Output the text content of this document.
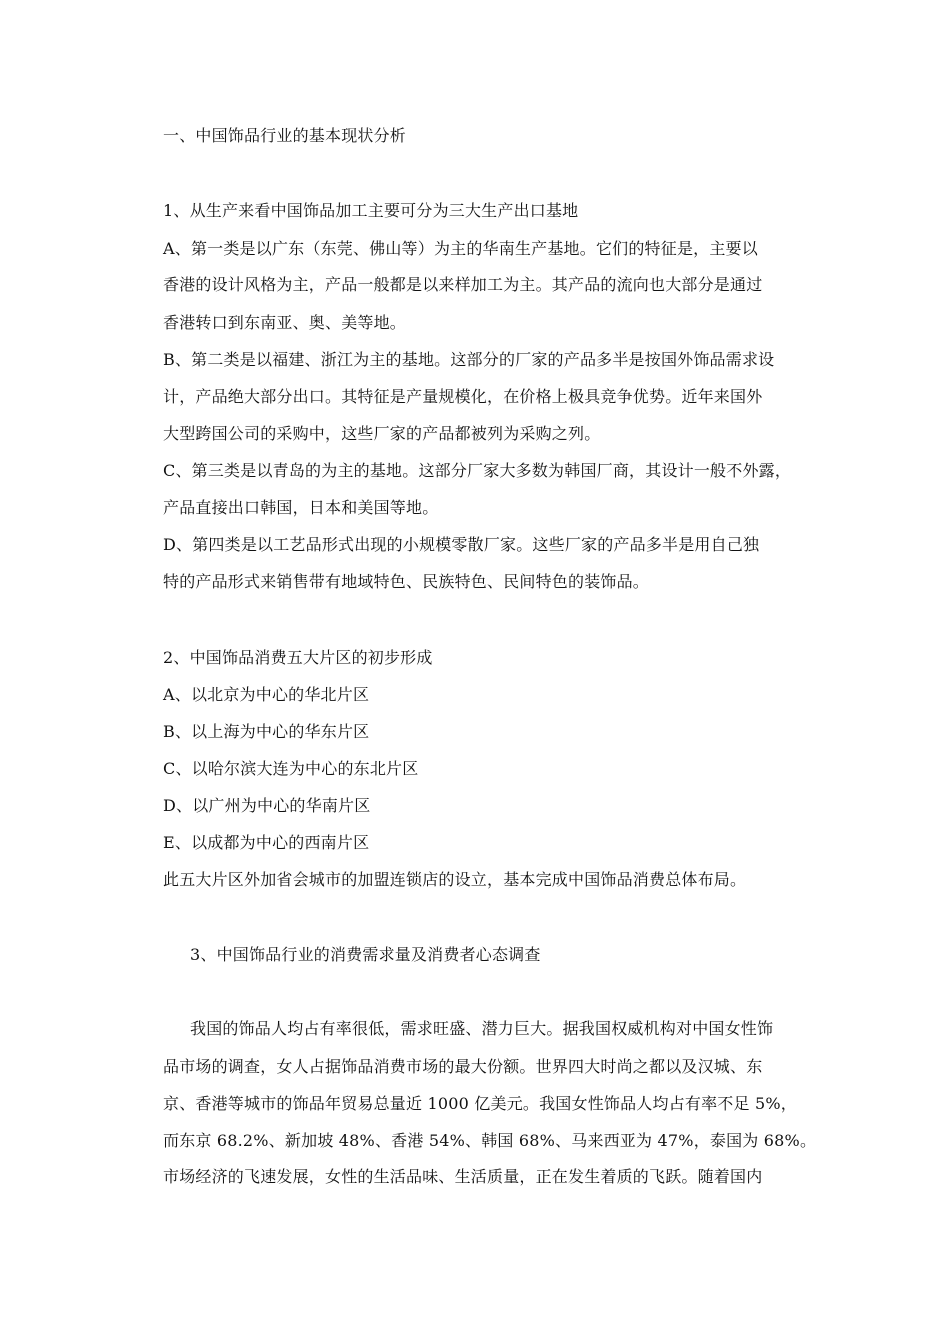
一、中国饰品行业的基本现状分析
1、从生产来看中国饰品加工主要可分为三大生产出口基地
A、第一类是以广东（东莞、佛山等）为主的华南生产基地。它们的特征是，主要以
香港的设计风格为主，产品一般都是以来样加工为主。其产品的流向也大部分是通过
香港转口到东南亚、奥、美等地。
B、第二类是以福建、浙江为主的基地。这部分的厂家的产品多半是按国外饰品需求设
计，产品绝大部分出口。其特征是产量规模化，在价格上极具竞争优势。近年来国外
大型跨国公司的采购中，这些厂家的产品都被列为采购之列。
C、第三类是以青岛的为主的基地。这部分厂家大多数为韩国厂商，其设计一般不外露，
产品直接出口韩国，日本和美国等地。
D、第四类是以工艺品形式出现的小规模零散厂家。这些厂家的产品多半是用自己独
特的产品形式来销售带有地域特色、民族特色、民间特色的装饰品。
2、中国饰品消费五大片区的初步形成
A、以北京为中心的华北片区
B、以上海为中心的华东片区
C、以哈尔滨大连为中心的东北片区
D、以广州为中心的华南片区
E、以成都为中心的西南片区
此五大片区外加省会城市的加盟连锁店的设立，基本完成中国饰品消费总体布局。
3、中国饰品行业的消费需求量及消费者心态调查
我国的饰品人均占有率很低，需求旺盛、潜力巨大。据我国权威机构对中国女性饰
品市场的调查，女人占据饰品消费市场的最大份额。世界四大时尚之都以及汉城、东
京、香港等城市的饰品年贸易总量近 1000 亿美元。我国女性饰品人均占有率不足 5%，
而东京 68.2%、新加坡 48%、香港 54%、韩国 68%、马来西亚为 47%，泰国为 68%。
市场经济的飞速发展，女性的生活品味、生活质量，正在发生着质的飞跃。随着国内
